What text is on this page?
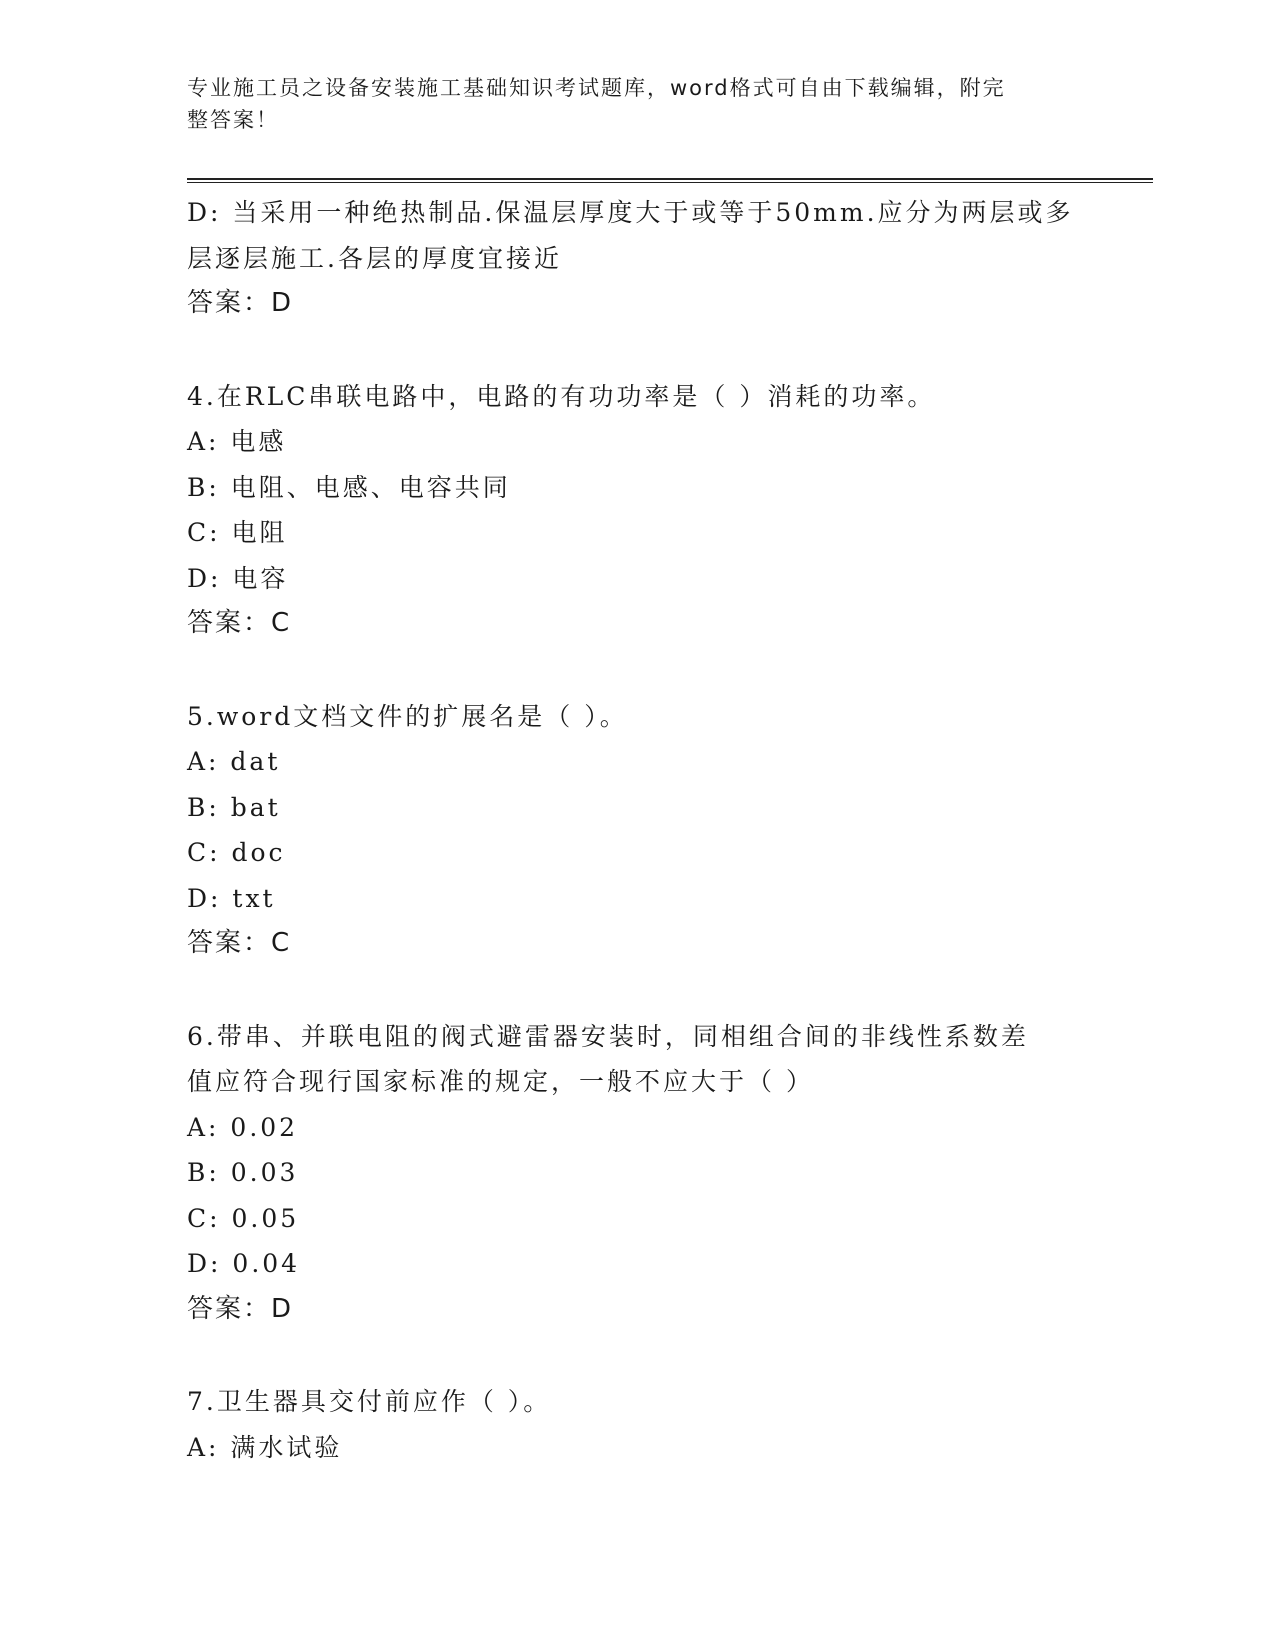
专业施工员之设备安装施工基础知识考试题库，word格式可自由下载编辑，附完
整答案！
D: 当采用一种绝热制品.保温层厚度大于或等于50mm.应分为两层或多
层逐层施工.各层的厚度宜接近
答案：D
4.在RLC串联电路中，电路的有功功率是（ ）消耗的功率。
A: 电感
B: 电阻、电感、电容共同
C: 电阻
D: 电容
答案：C
5.word文档文件的扩展名是（ ）。
A: dat
B: bat
C: doc
D: txt
答案：C
6.带串、并联电阻的阀式避雷器安装时，同相组合间的非线性系数差
值应符合现行国家标准的规定，一般不应大于（ ）
A: 0.02
B: 0.03
C: 0.05
D: 0.04
答案：D
7.卫生器具交付前应作（ ）。
A: 满水试验
